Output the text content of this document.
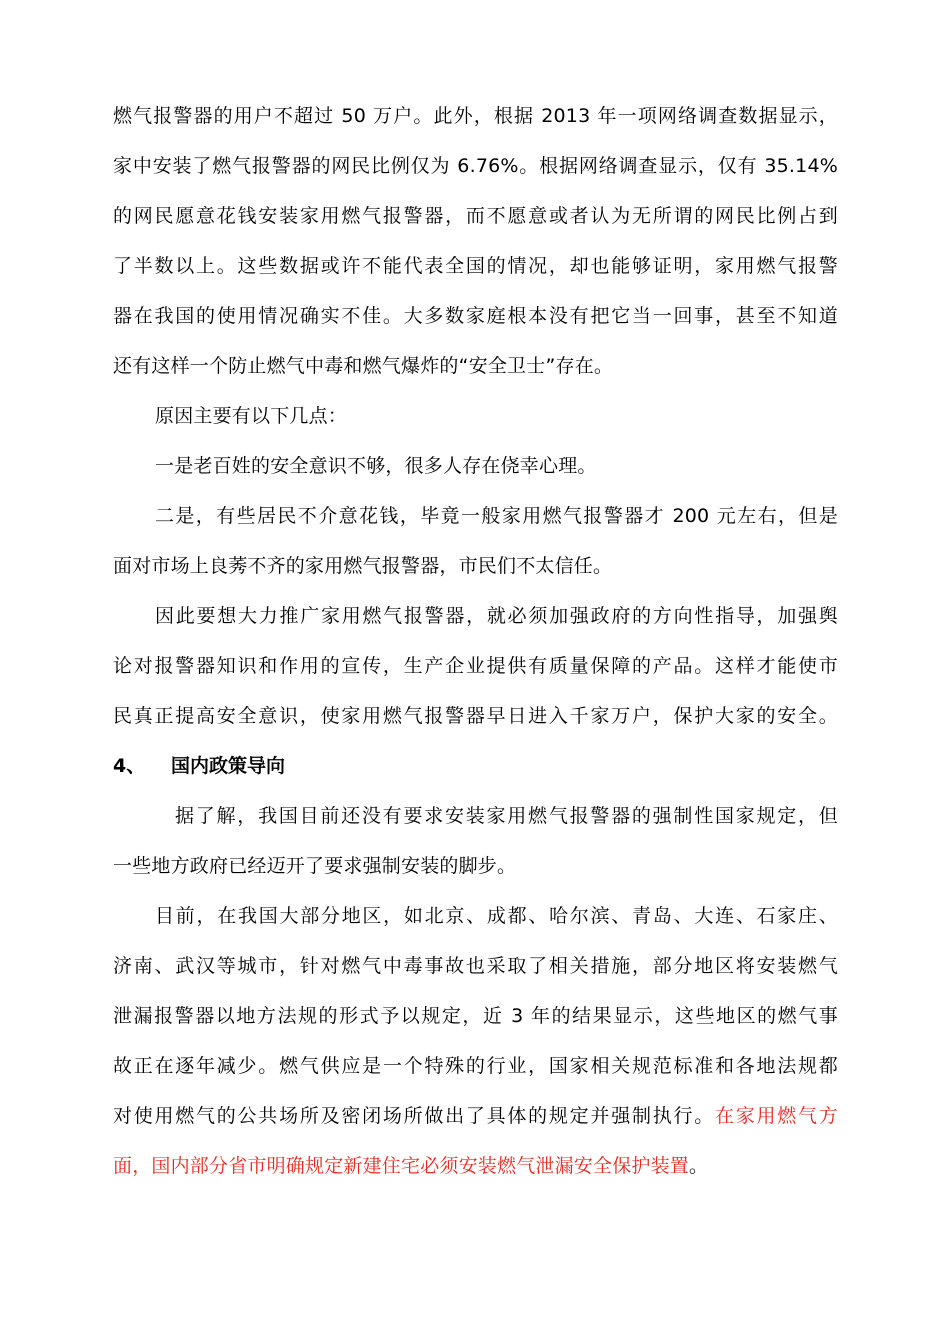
燃气报警器的用户不超过 50 万户。此外，根据 2013 年一项网络调查数据显示，
家中安装了燃气报警器的网民比例仅为 6.76%。根据网络调查显示，仅有 35.14%
的网民愿意花钱安装家用燃气报警器，而不愿意或者认为无所谓的网民比例占到
了半数以上。这些数据或许不能代表全国的情况，却也能够证明，家用燃气报警
器在我国的使用情况确实不佳。大多数家庭根本没有把它当一回事，甚至不知道
还有这样一个防止燃气中毒和燃气爆炸的“安全卫士”存在。
原因主要有以下几点：
一是老百姓的安全意识不够，很多人存在侥幸心理。
二是，有些居民不介意花钱，毕竟一般家用燃气报警器才 200 元左右，但是
面对市场上良莠不齐的家用燃气报警器，市民们不太信任。
因此要想大力推广家用燃气报警器，就必须加强政府的方向性指导，加强舆
论对报警器知识和作用的宣传，生产企业提供有质量保障的产品。这样才能使市
民真正提高安全意识，使家用燃气报警器早日进入千家万户，保护大家的安全。
4、 国内政策导向
据了解，我国目前还没有要求安装家用燃气报警器的强制性国家规定，但
一些地方政府已经迈开了要求强制安装的脚步。
目前，在我国大部分地区，如北京、成都、哈尔滨、青岛、大连、石家庄、
济南、武汉等城市，针对燃气中毒事故也采取了相关措施，部分地区将安装燃气
泄漏报警器以地方法规的形式予以规定，近 3 年的结果显示，这些地区的燃气事
故正在逐年减少。燃气供应是一个特殊的行业，国家相关规范标准和各地法规都
对使用燃气的公共场所及密闭场所做出了具体的规定并强制执行。在家用燃气方
面，国内部分省市明确规定新建住宅必须安装燃气泄漏安全保护装置。
